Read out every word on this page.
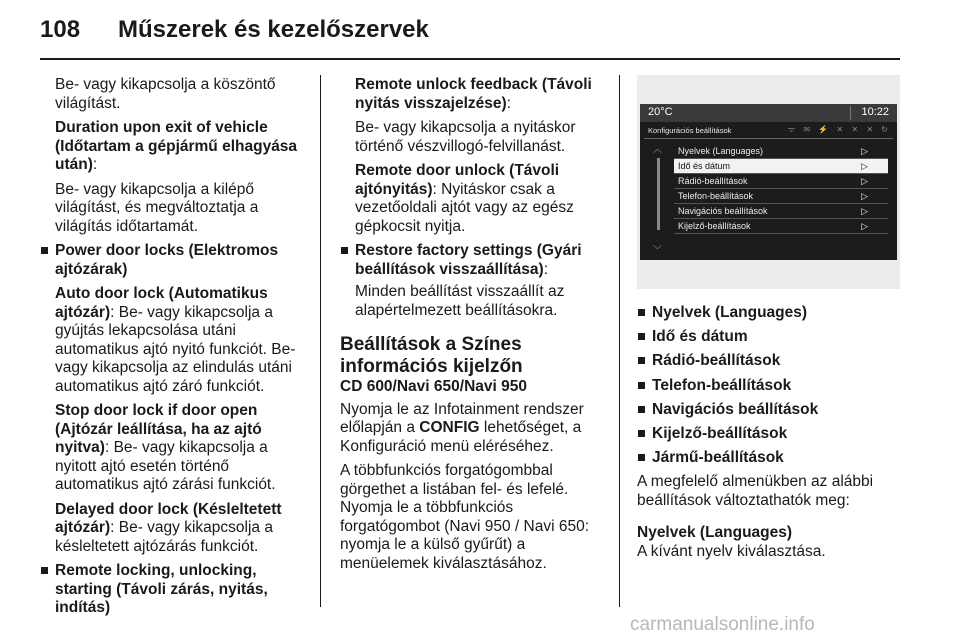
108 Műszerek és kezelőszervek

Be- vagy kikapcsolja a köszöntő világítást.

Duration upon exit of vehicle (Időtartam a gépjármű elhagyása után):

Be- vagy kikapcsolja a kilépő világítást, és megváltoztatja a világítás időtartamát.

Power door locks (Elektromos ajtózárak)

Auto door lock (Automatikus ajtózár): Be- vagy kikapcsolja a gyújtás lekapcsolása utáni automatikus ajtó nyitó funkciót. Be- vagy kikapcsolja az elindulás utáni automatikus ajtó záró funkciót.

Stop door lock if door open (Ajtózár leállítása, ha az ajtó nyitva): Be- vagy kikapcsolja a nyitott ajtó esetén történő automatikus ajtó zárási funkciót.

Delayed door lock (Késleltetett ajtózár): Be- vagy kikapcsolja a késleltetett ajtózárás funkciót.

Remote locking, unlocking, starting (Távoli zárás, nyitás, indítás)

Remote unlock feedback (Távoli nyitás visszajelzése):

Be- vagy kikapcsolja a nyitáskor történő vészvillogó-felvillanást.

Remote door unlock (Távoli ajtónyitás): Nyitáskor csak a vezetőoldali ajtót vagy az egész gépkocsit nyitja.

Restore factory settings (Gyári beállítások visszaállítása):

Minden beállítást visszaállít az alapértelmezett beállításokra.

Beállítások a Színes információs kijelzőn
CD 600/Navi 650/Navi 950

Nyomja le az Infotainment rendszer előlapján a CONFIG lehetőséget, a Konfiguráció menü eléréséhez.

A többfunkciós forgatógombbal görgethet a listában fel- és lefelé. Nyomja le a többfunkciós forgatógombot (Navi 950 / Navi 650: nyomja le a külső gyűrűt) a menüelemek kiválasztásához.

20°C	10:22
Konfigurációs beállítások	ᯤ ✉ ⚡ ✕ ✕ ✕ ↻
︿
﹀
Nyelvek (Languages)	▷
Idő és dátum	▷
Rádió-beállítások	▷
Telefon-beállítások	▷
Navigációs beállítások	▷
Kijelző-beállítások	▷
Nyelvek (Languages)
Idő és dátum
Rádió-beállítások
Telefon-beállítások
Navigációs beállítások
Kijelző-beállítások
Jármű-beállítások

A megfelelő almenükben az alábbi beállítások változtathatók meg:

Nyelvek (Languages)

A kívánt nyelv kiválasztása.

carmanualsonline.info
